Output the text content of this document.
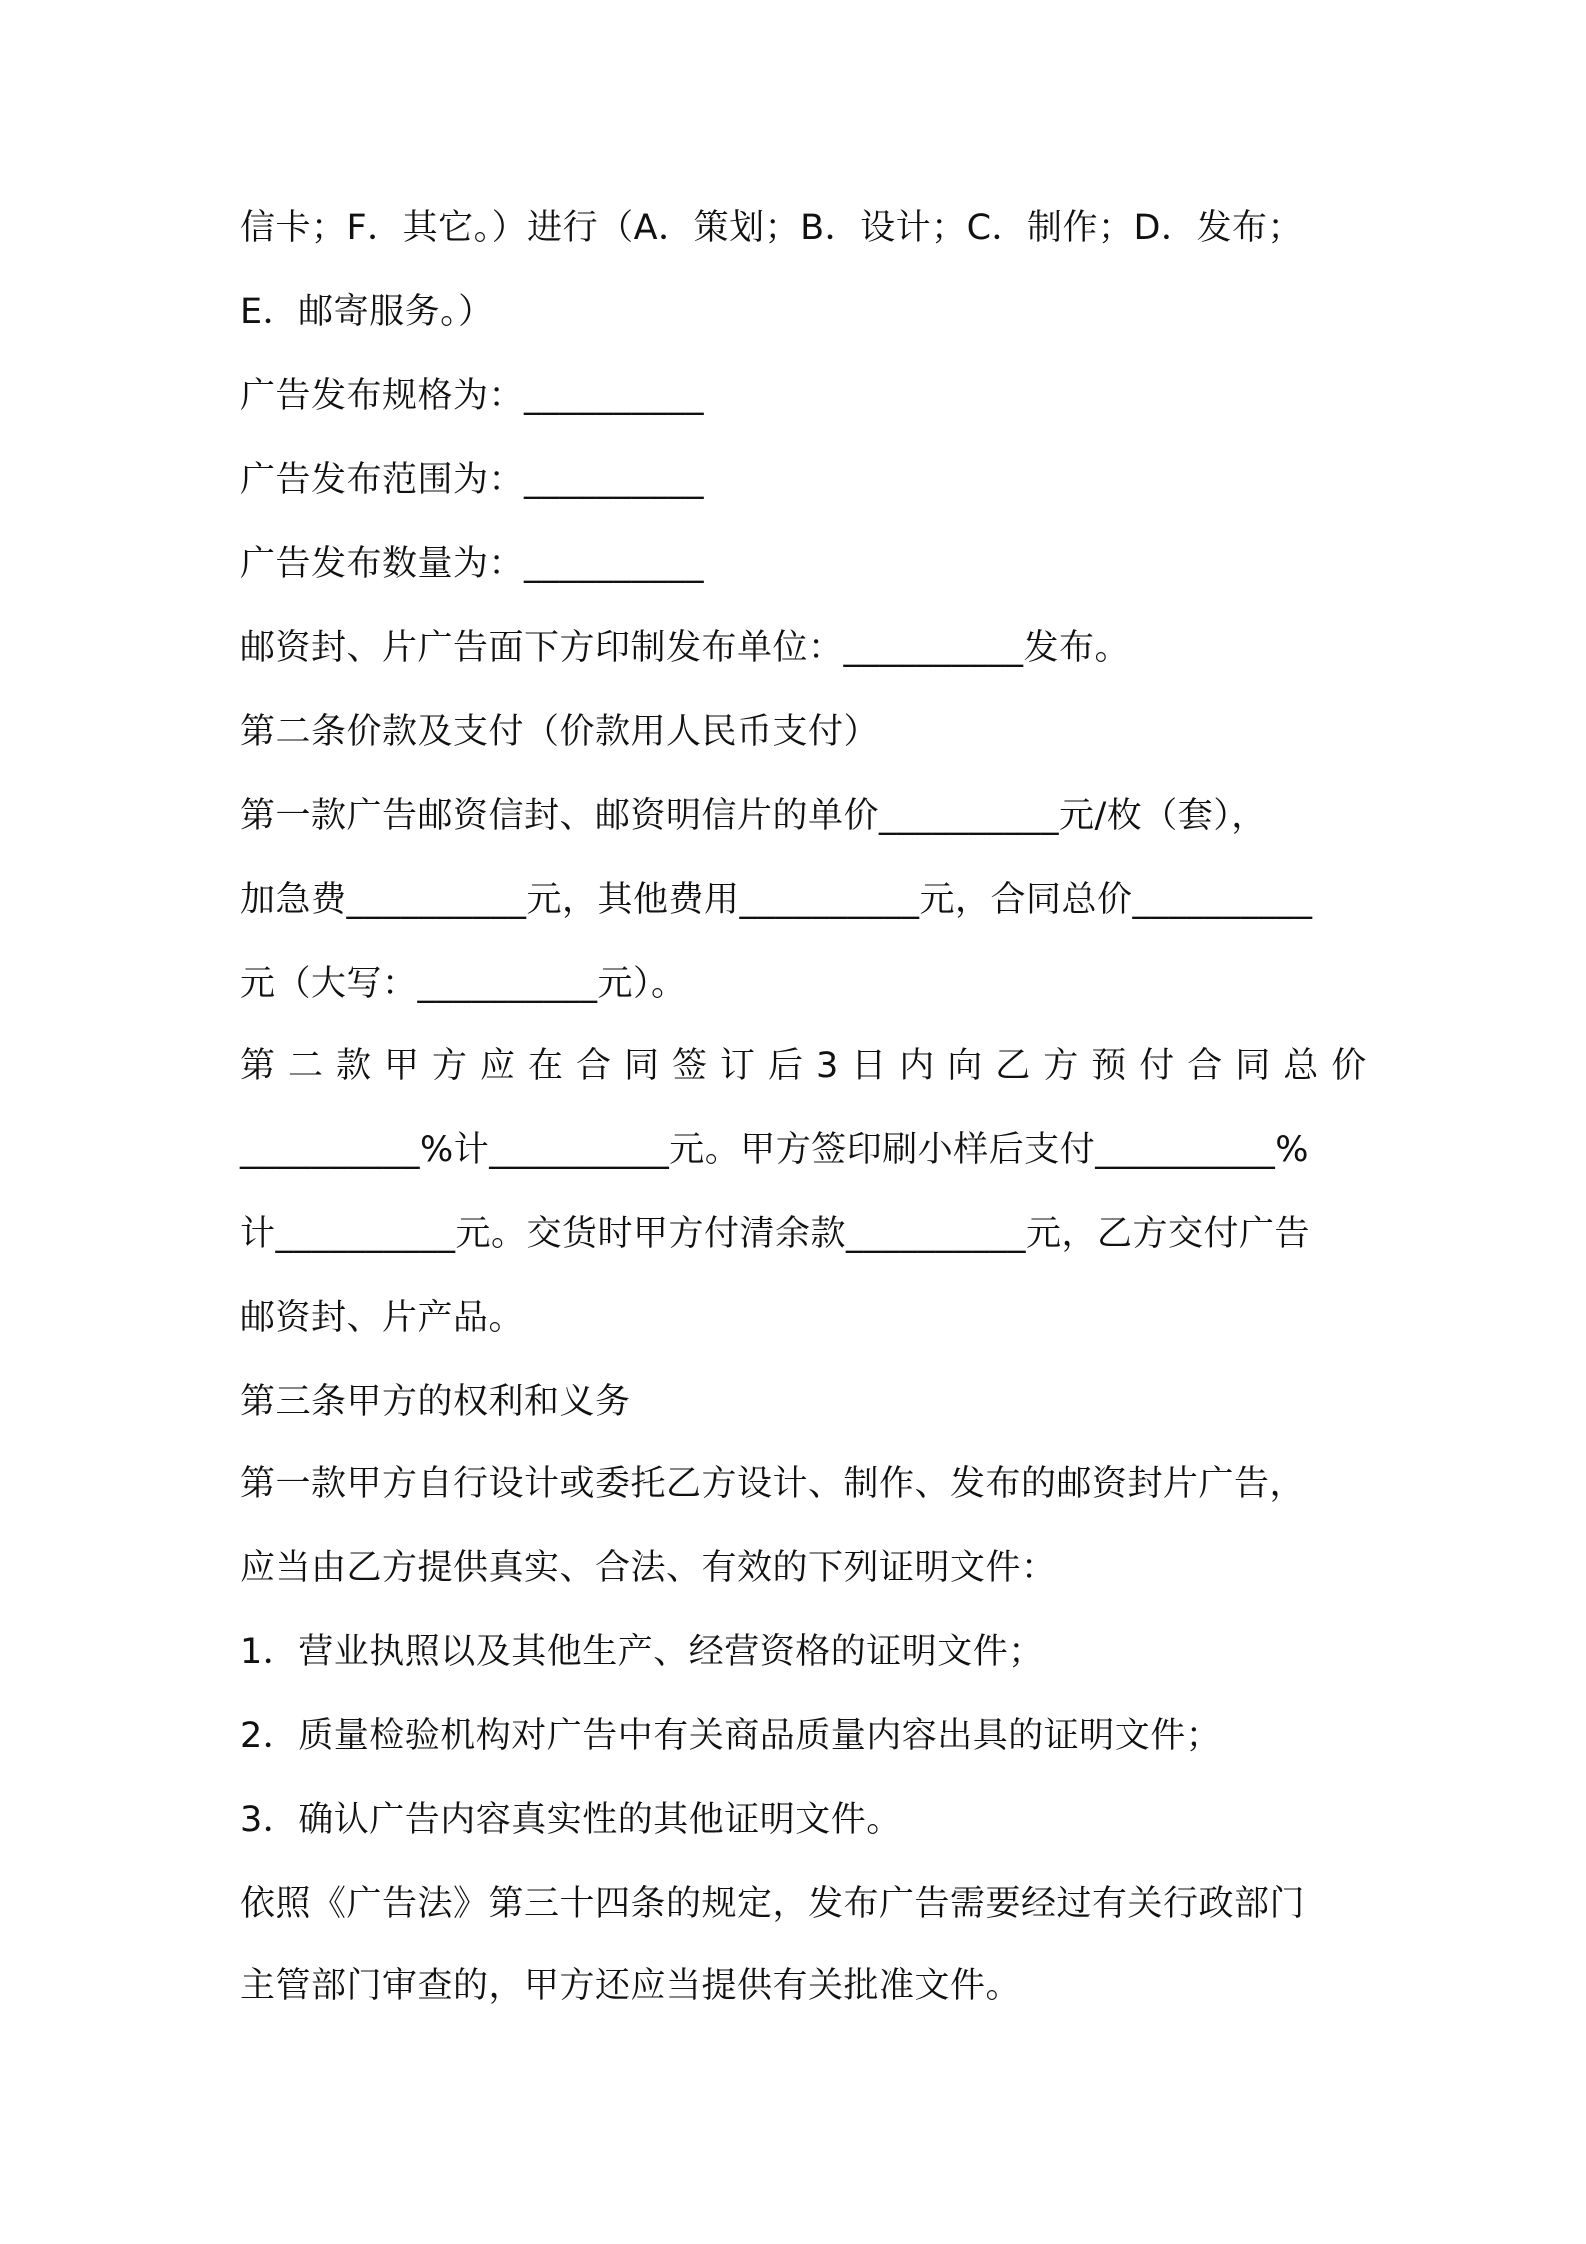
信卡；F．其它。）进行（A．策划；B．设计；C．制作；D．发布；
E．邮寄服务。）
广告发布规格为：__________
广告发布范围为：__________
广告发布数量为：__________
邮资封、片广告面下方印制发布单位：__________发布。
第二条价款及支付（价款用人民币支付）
第一款广告邮资信封、邮资明信片的单价__________元/枚（套），
加急费__________元，其他费用__________元，合同总价__________
元（大写：__________元）。
第二款甲方应在合同签订后3日内向乙方预付合同总价
__________%计__________元。甲方签印刷小样后支付__________%
计__________元。交货时甲方付清余款__________元，乙方交付广告
邮资封、片产品。
第三条甲方的权利和义务
第一款甲方自行设计或委托乙方设计、制作、发布的邮资封片广告，
应当由乙方提供真实、合法、有效的下列证明文件：
1．营业执照以及其他生产、经营资格的证明文件；
2．质量检验机构对广告中有关商品质量内容出具的证明文件；
3．确认广告内容真实性的其他证明文件。
依照《广告法》第三十四条的规定，发布广告需要经过有关行政部门
主管部门审查的，甲方还应当提供有关批准文件。
